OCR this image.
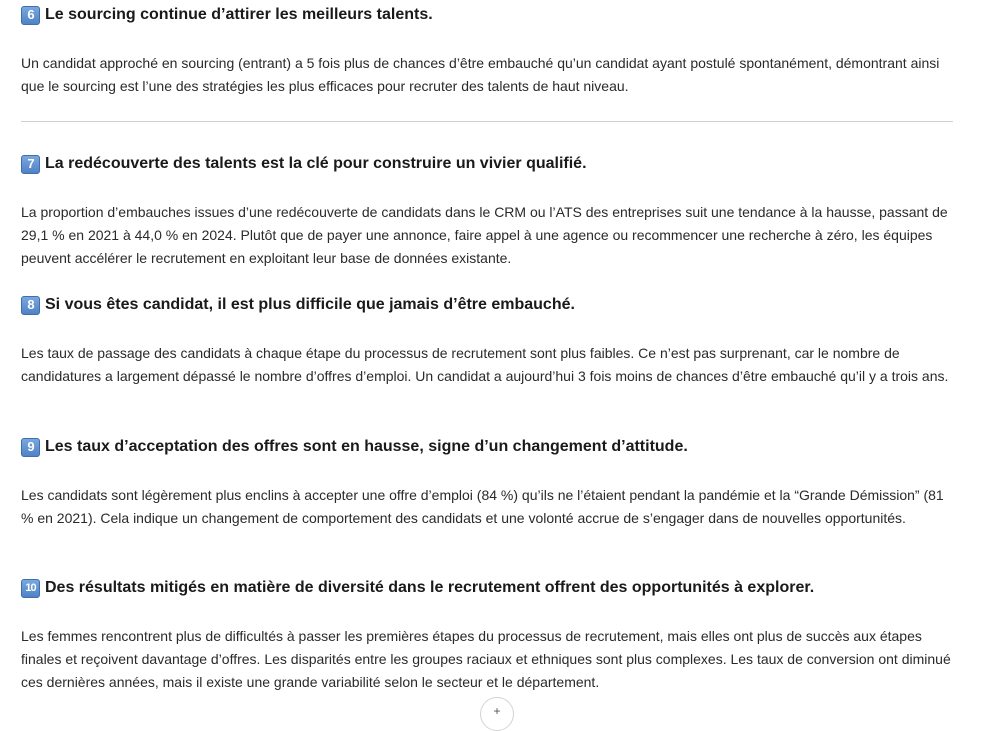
6 Le sourcing continue d’attirer les meilleurs talents.

Un candidat approché en sourcing (entrant) a 5 fois plus de chances d’être embauché qu’un candidat ayant postulé spontanément, démontrant ainsi que le sourcing est l’une des stratégies les plus efficaces pour recruter des talents de haut niveau.

7 La redécouverte des talents est la clé pour construire un vivier qualifié.

La proportion d’embauches issues d’une redécouverte de candidats dans le CRM ou l’ATS des entreprises suit une tendance à la hausse, passant de 29,1 % en 2021 à 44,0 % en 2024. Plutôt que de payer une annonce, faire appel à une agence ou recommencer une recherche à zéro, les équipes peuvent accélérer le recrutement en exploitant leur base de données existante.

8 Si vous êtes candidat, il est plus difficile que jamais d’être embauché.

Les taux de passage des candidats à chaque étape du processus de recrutement sont plus faibles. Ce n’est pas surprenant, car le nombre de candidatures a largement dépassé le nombre d’offres d’emploi. Un candidat a aujourd’hui 3 fois moins de chances d’être embauché qu’il y a trois ans.

9 Les taux d’acceptation des offres sont en hausse, signe d’un changement d’attitude.

Les candidats sont légèrement plus enclins à accepter une offre d’emploi (84 %) qu’ils ne l’étaient pendant la pandémie et la “Grande Démission” (81 % en 2021). Cela indique un changement de comportement des candidats et une volonté accrue de s’engager dans de nouvelles opportunités.

10 Des résultats mitigés en matière de diversité dans le recrutement offrent des opportunités à explorer.

Les femmes rencontrent plus de difficultés à passer les premières étapes du processus de recrutement, mais elles ont plus de succès aux étapes finales et reçoivent davantage d’offres. Les disparités entre les groupes raciaux et ethniques sont plus complexes. Les taux de conversion ont diminué ces dernières années, mais il existe une grande variabilité selon le secteur et le département.

+
